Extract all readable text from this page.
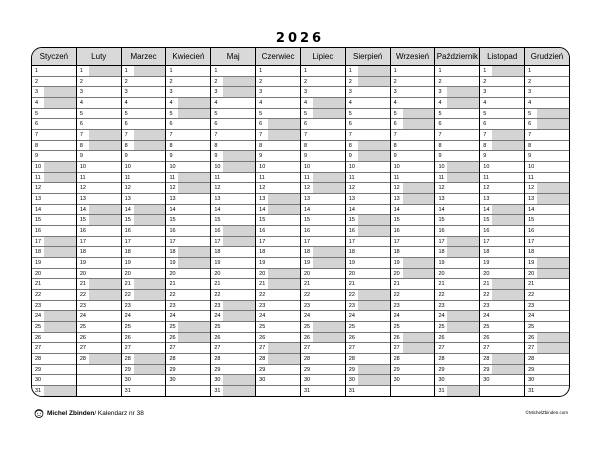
2026
Styczeń
1
2
3
4
5
6
7
8
9
10
11
12
13
14
15
16
17
18
19
20
21
22
23
24
25
26
27
28
29
30
31
Luty
1
2
3
4
5
6
7
8
9
10
11
12
13
14
15
16
17
18
19
20
21
22
23
24
25
26
27
28
Marzec
1
2
3
4
5
6
7
8
9
10
11
12
13
14
15
16
17
18
19
20
21
22
23
24
25
26
27
28
29
30
31
Kwiecień
1
2
3
4
5
6
7
8
9
10
11
12
13
14
15
16
17
18
19
20
21
22
23
24
25
26
27
28
29
30
Maj
1
2
3
4
5
6
7
8
9
10
11
12
13
14
15
16
17
18
19
20
21
22
23
24
25
26
27
28
29
30
31
Czerwiec
1
2
3
4
5
6
7
8
9
10
11
12
13
14
15
16
17
18
19
20
21
22
23
24
25
26
27
28
29
30
Lipiec
1
2
3
4
5
6
7
8
9
10
11
12
13
14
15
16
17
18
19
20
21
22
23
24
25
26
27
28
29
30
31
Sierpień
1
2
3
4
5
6
7
8
9
10
11
12
13
14
15
16
17
18
19
20
21
22
23
24
25
26
27
28
29
30
31
Wrzesień
1
2
3
4
5
6
7
8
9
10
11
12
13
14
15
16
17
18
19
20
21
22
23
24
25
26
27
28
29
30
Październik
1
2
3
4
5
6
7
8
9
10
11
12
13
14
15
16
17
18
19
20
21
22
23
24
25
26
27
28
29
30
31
Listopad
1
2
3
4
5
6
7
8
9
10
11
12
13
14
15
16
17
18
19
20
21
22
23
24
25
26
27
28
29
30
Grudzień
1
2
3
4
5
6
7
8
9
10
11
12
13
14
15
16
17
18
19
20
21
22
23
24
25
26
27
28
29
30
31
Michel Zbinden / Kalendarz nr 38	©MichelZbinden.com
